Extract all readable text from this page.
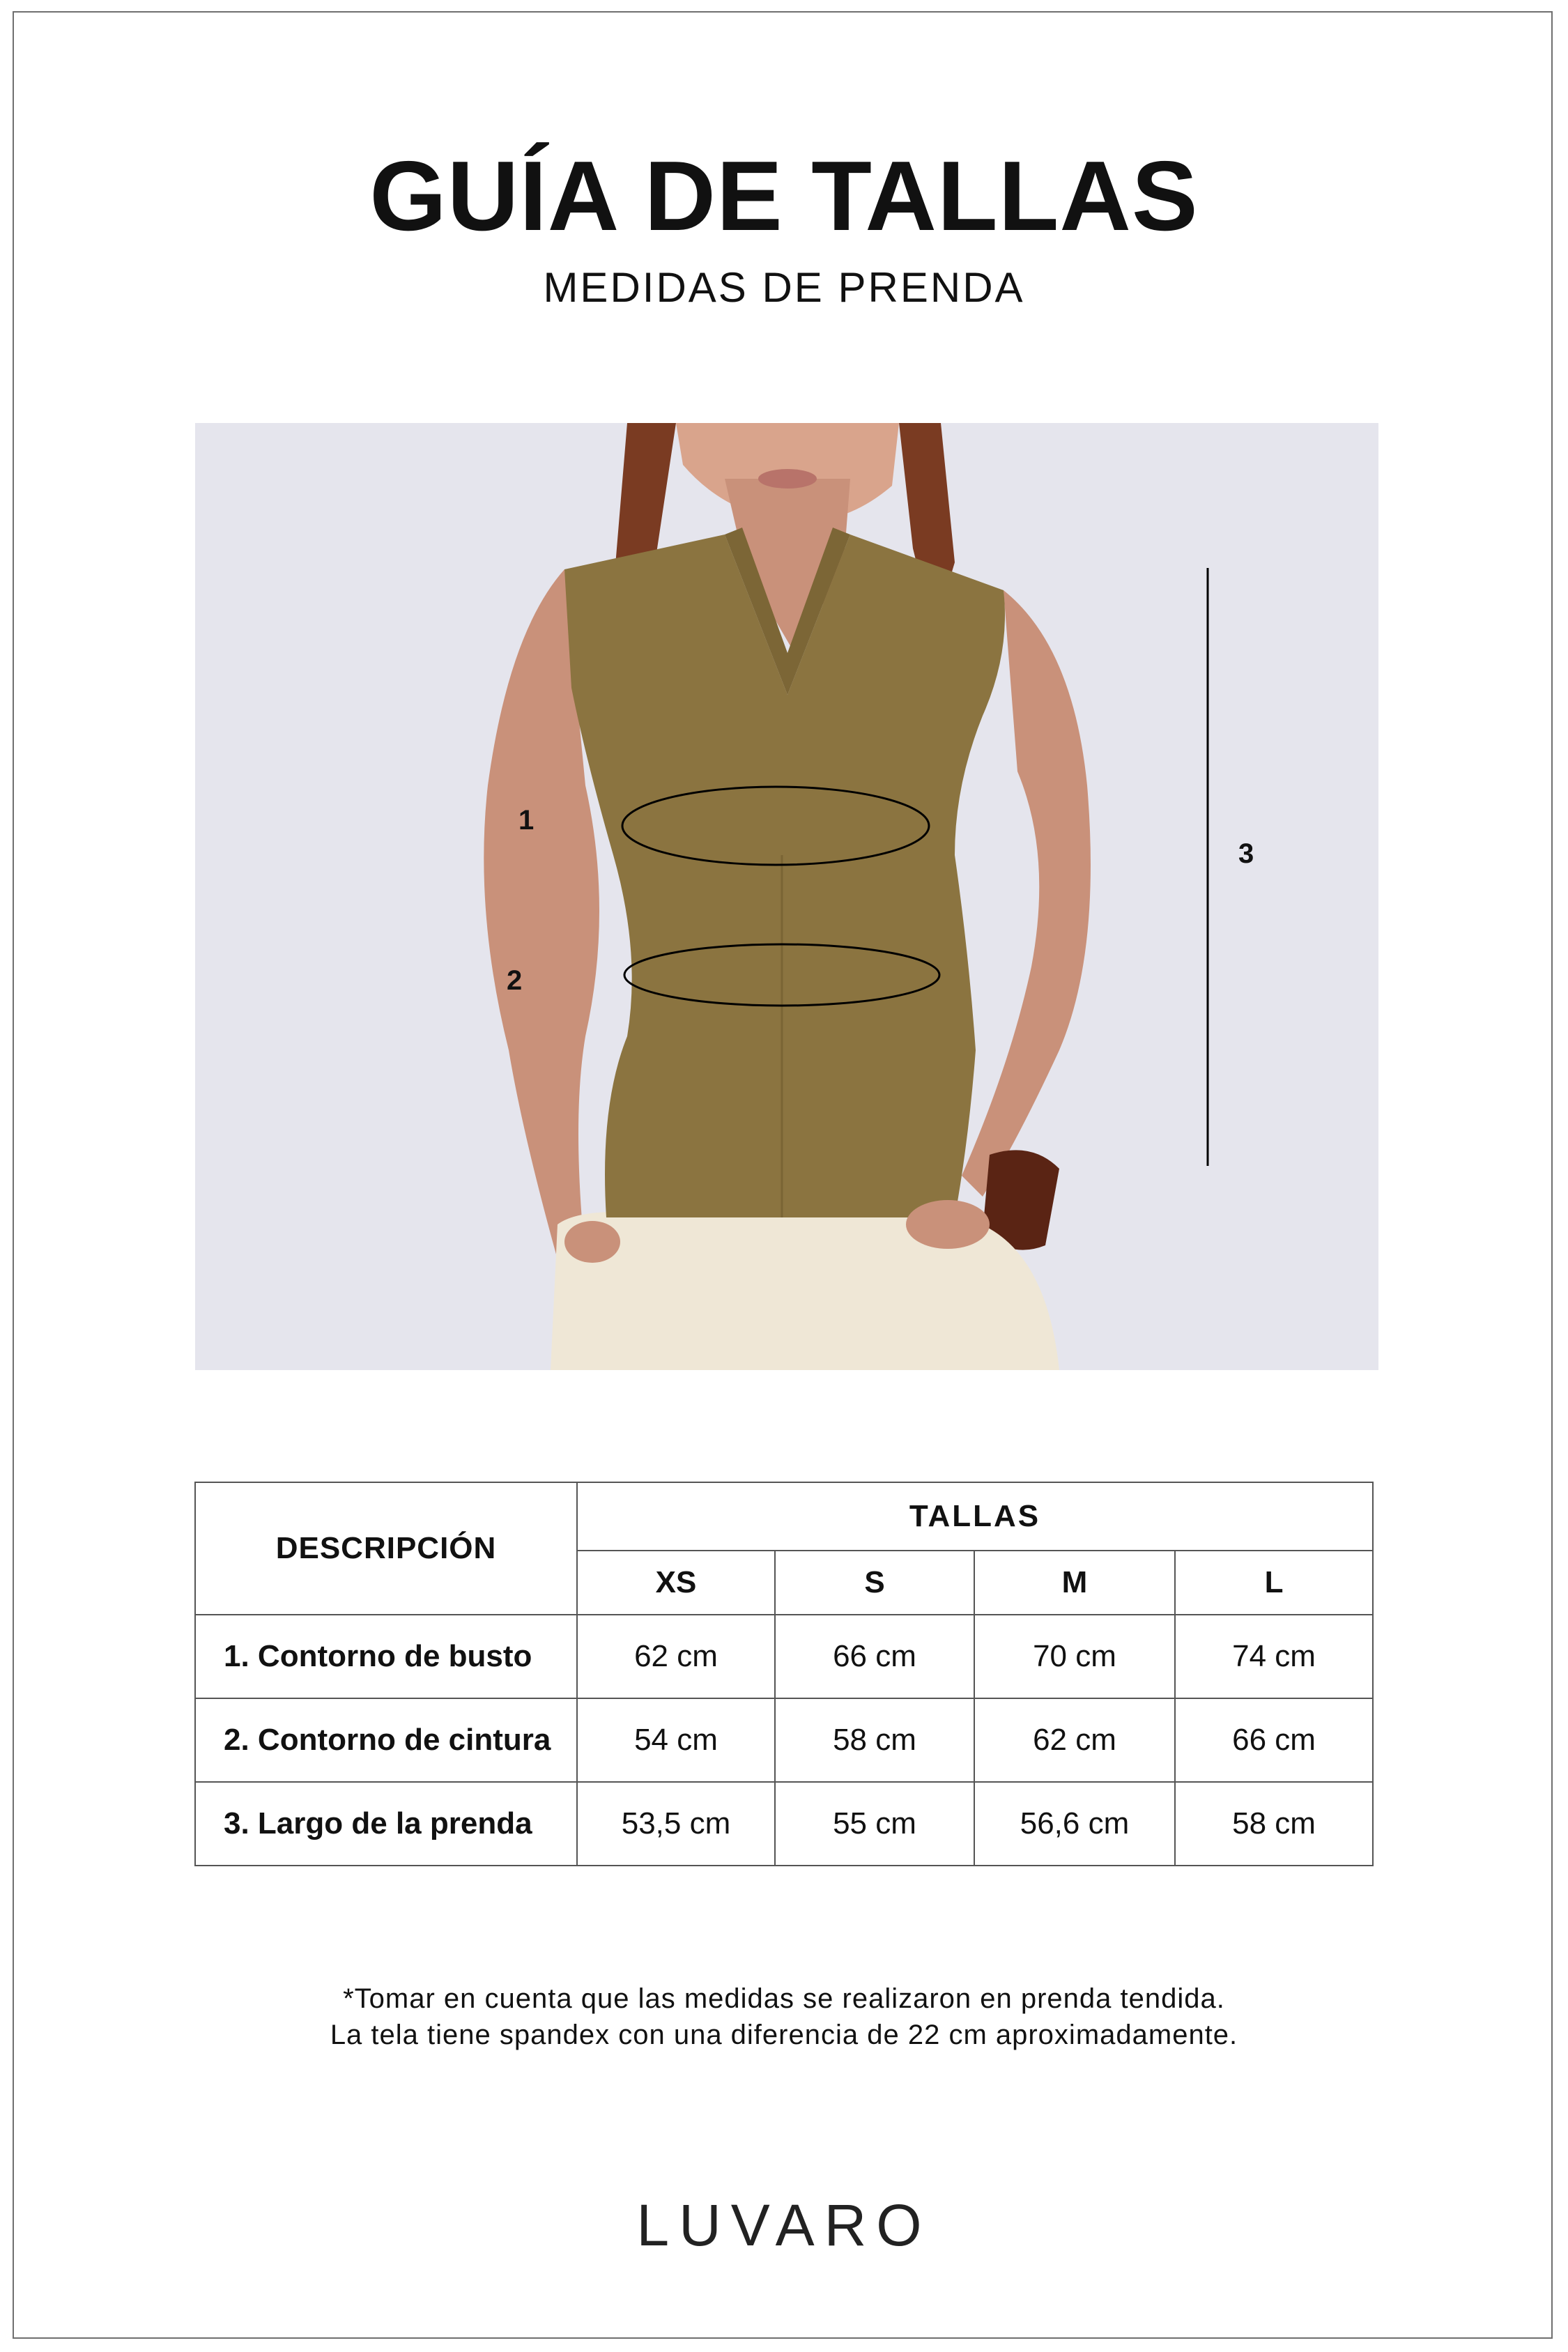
GUÍA DE TALLAS
MEDIDAS DE PRENDA
1
2
3
DESCRIPCIÓN	TALLAS			
	XS	S	M	L
1. Contorno de busto	62 cm	66 cm	70 cm	74 cm
2. Contorno de cintura	54 cm	58 cm	62 cm	66 cm
3. Largo de la prenda	53,5 cm	55 cm	56,6 cm	58 cm
*Tomar en cuenta que las medidas se realizaron en prenda tendida.
La tela tiene spandex con una diferencia de 22 cm aproximadamente.
LUVARO
